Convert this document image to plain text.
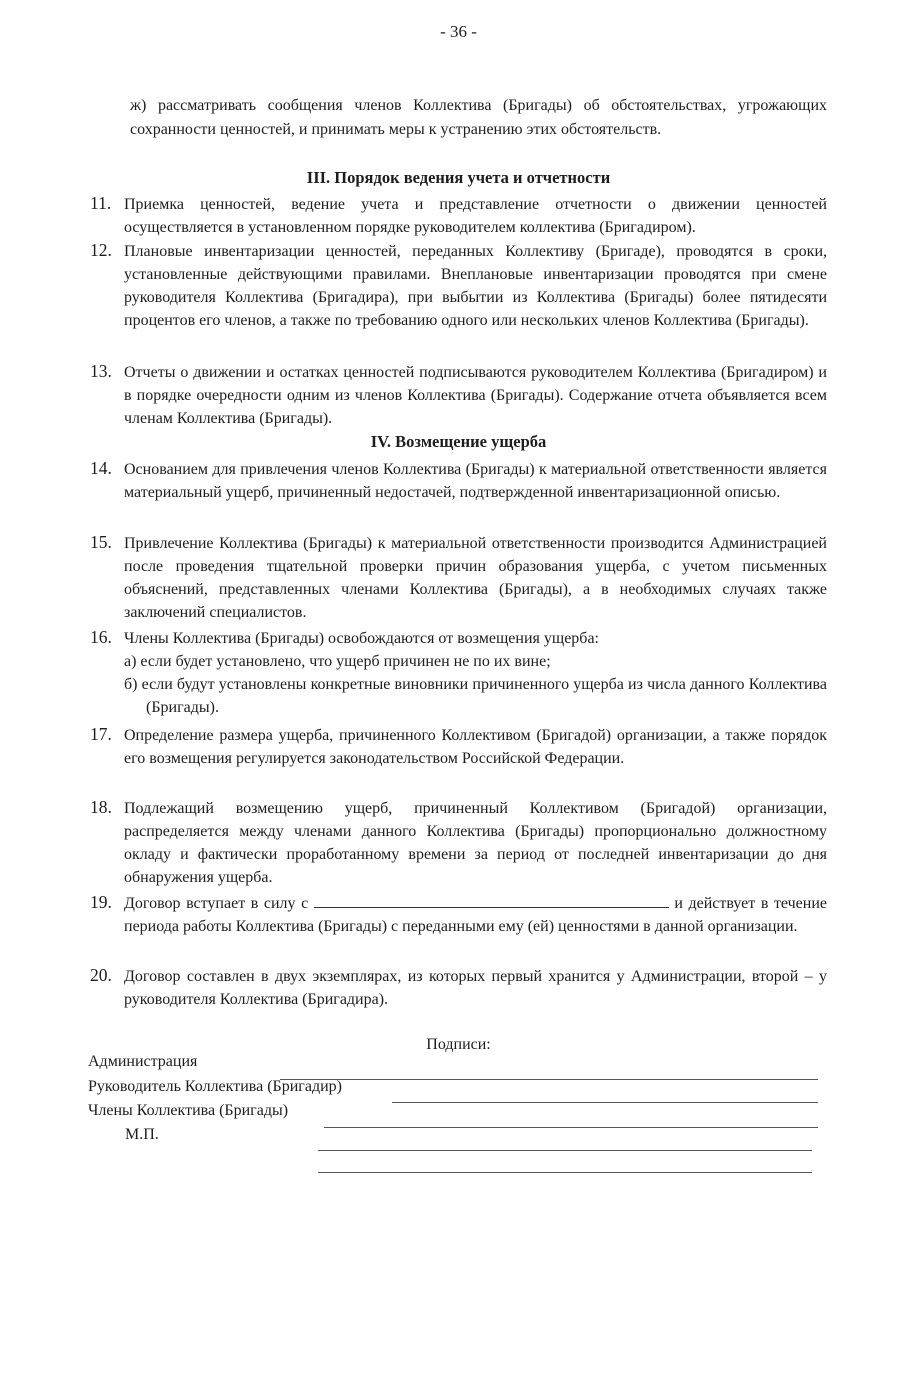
- 36 -
ж) рассматривать сообщения членов Коллектива (Бригады) об обстоятельствах, угрожающих сохранности ценностей, и принимать меры к устранению этих обстоятельств.
III. Порядок ведения учета и отчетности
11. Приемка ценностей, ведение учета и представление отчетности о движении ценностей осуществляется в установленном порядке руководителем коллектива (Бригадиром).
12. Плановые инвентаризации ценностей, переданных Коллективу (Бригаде), проводятся в сроки, установленные действующими правилами. Внеплановые инвентаризации проводятся при смене руководителя Коллектива (Бригадира), при выбытии из Коллектива (Бригады) более пятидесяти процентов его членов, а также по требованию одного или нескольких членов Коллектива (Бригады).
13. Отчеты о движении и остатках ценностей подписываются руководителем Коллектива (Бригадиром) и в порядке очередности одним из членов Коллектива (Бригады). Содержание отчета объявляется всем членам Коллектива (Бригады).
IV. Возмещение ущерба
14. Основанием для привлечения членов Коллектива (Бригады) к материальной ответственности является материальный ущерб, причиненный недостачей, подтвержденной инвентаризационной описью.
15. Привлечение Коллектива (Бригады) к материальной ответственности производится Администрацией после проведения тщательной проверки причин образования ущерба, с учетом письменных объяснений, представленных членами Коллектива (Бригады), а в необходимых случаях также заключений специалистов.
16. Члены Коллектива (Бригады) освобождаются от возмещения ущерба:
а) если будет установлено, что ущерб причинен не по их вине;
б) если будут установлены конкретные виновники причиненного ущерба из числа данного Коллектива (Бригады).
17. Определение размера ущерба, причиненного Коллективом (Бригадой) организации, а также порядок его возмещения регулируется законодательством Российской Федерации.
18. Подлежащий возмещению ущерб, причиненный Коллективом (Бригадой) организации, распределяется между членами данного Коллектива (Бригады) пропорционально должностному окладу и фактически проработанному времени за период от последней инвентаризации до дня обнаружения ущерба.
19. Договор вступает в силу с	и действует в течение периода работы Коллектива (Бригады) с переданными ему (ей) ценностями в данной организации.
20. Договор составлен в двух экземплярах, из которых первый хранится у Администрации, второй – у руководителя Коллектива (Бригадира).
Подписи:
Администрация
Руководитель Коллектива (Бригадир)
Члены Коллектива (Бригады)
М.П.
